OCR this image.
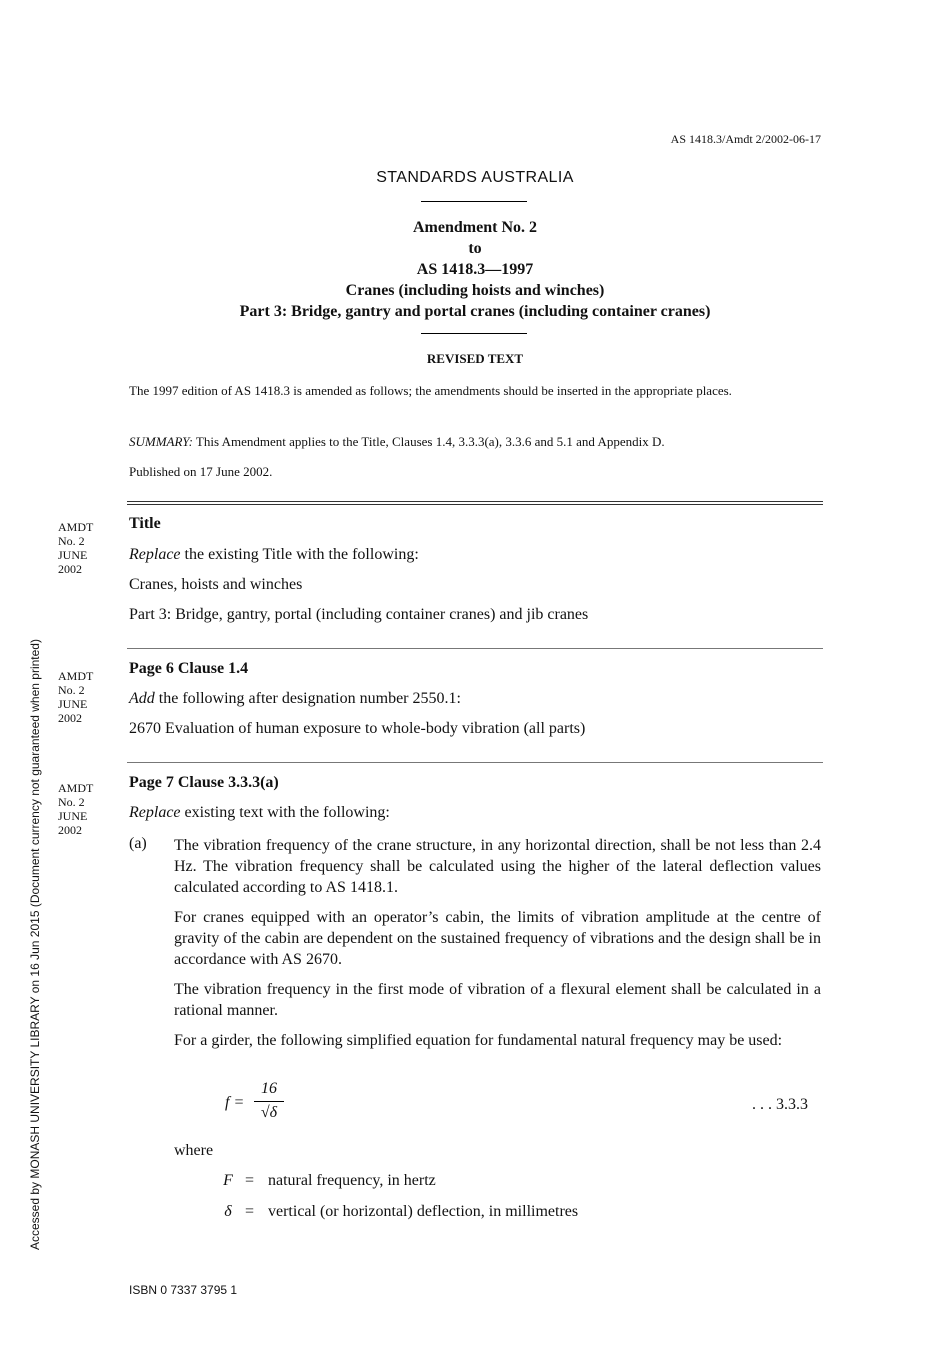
AS 1418.3/Amdt 2/2002-06-17
STANDARDS AUSTRALIA
Amendment No. 2
to
AS 1418.3—1997
Cranes (including hoists and winches)
Part 3: Bridge, gantry and portal cranes (including container cranes)
REVISED TEXT
The 1997 edition of AS 1418.3 is amended as follows; the amendments should be inserted in the appropriate places.
SUMMARY: This Amendment applies to the Title, Clauses 1.4, 3.3.3(a), 3.3.6 and 5.1 and Appendix D.
Published on 17 June 2002.
AMDT
No. 2
JUNE
2002
Title
Replace the existing Title with the following:
Cranes, hoists and winches
Part 3: Bridge, gantry, portal (including container cranes) and jib cranes
AMDT
No. 2
JUNE
2002
Page 6 Clause 1.4
Add the following after designation number 2550.1:
2670 Evaluation of human exposure to whole-body vibration (all parts)
AMDT
No. 2
JUNE
2002
Page 7 Clause 3.3.3(a)
Replace existing text with the following:
(a) The vibration frequency of the crane structure, in any horizontal direction, shall be not less than 2.4 Hz. The vibration frequency shall be calculated using the higher of the lateral deflection values calculated according to AS 1418.1.
For cranes equipped with an operator’s cabin, the limits of vibration amplitude at the centre of gravity of the cabin are dependent on the sustained frequency of vibrations and the design shall be in accordance with AS 2670.
The vibration frequency in the first mode of vibration of a flexural element shall be calculated in a rational manner.
For a girder, the following simplified equation for fundamental natural frequency may be used:
f =
16
√δ	. . . 3.3.3
where
F = natural frequency, in hertz
δ = vertical (or horizontal) deflection, in millimetres
Accessed by MONASH UNIVERSITY LIBRARY on 16 Jun 2015 (Document currency not guaranteed when printed)
ISBN 0 7337 3795 1
